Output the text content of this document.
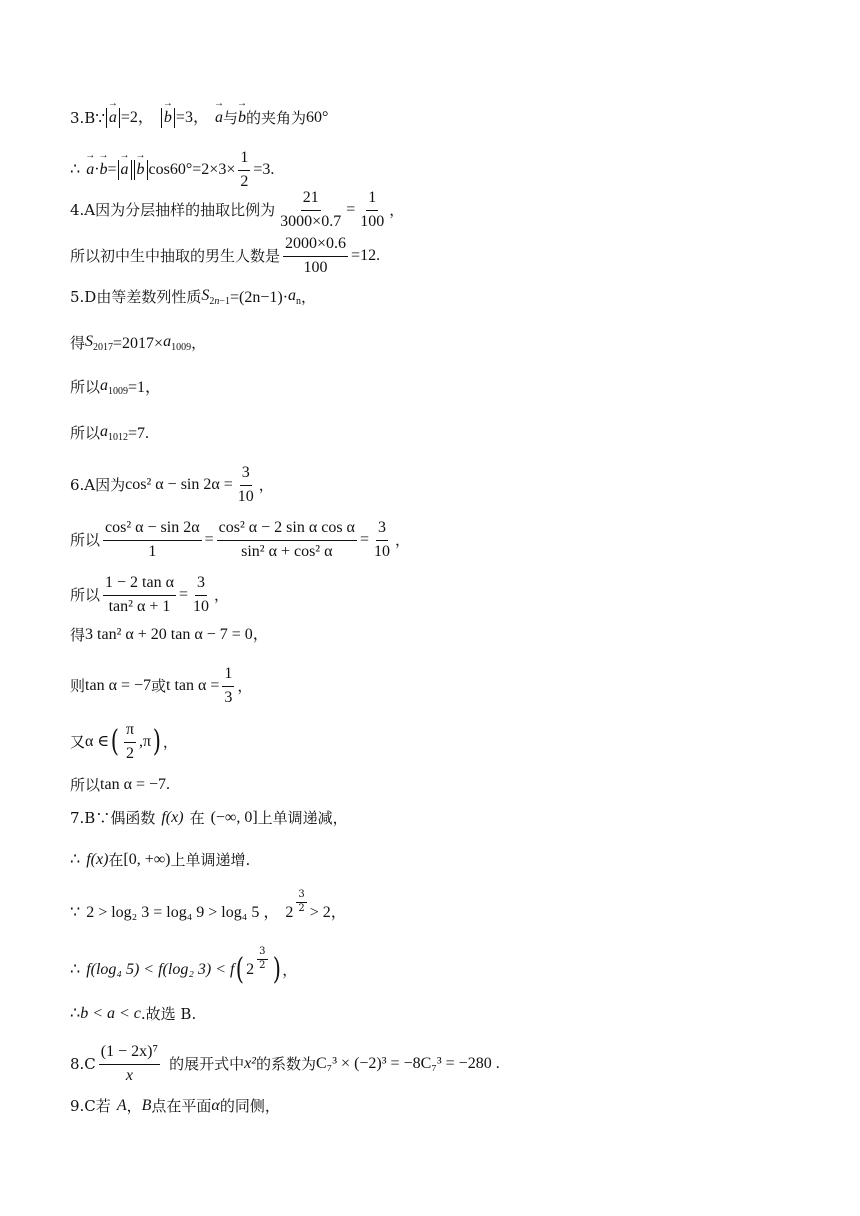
3.B ∵ → a =2， → b =3， → a 与 → b 的夹角为 60°
∴ → a · → b = → a → b $\cos 60^\circ=2\times 3\times \frac{1}{2} =3$.
4.A 因为分层抽样的抽取比例为 $\frac{21}{3000\times 0.7} = \frac{1}{100}$ ，
所以初中生中抽取的男生人数是 $\frac{2000\times 0.6}{100} =12$.
5.D 由等差数列性质 $S_{2n-1} =(2n-1)\cdot a_n$ ，
得 $S_{2017} =2017\times a_{1009}$ ，
所以 $a_{1009} =1$，
所以 $a_{1012} =7$.
6.A 因为 cos² $\alpha - \sin 2\alpha = \frac{3}{10}$ ，
所以 $\frac{\text{cos² α − sin 2α}}{1} = \frac{\text{cos² α − 2 sin α cos α}}{\text{sin² α + cos² α}} = \frac{3}{10}$ ，
所以 $\frac{\text{1 − 2 tan α}}{\text{tan² α + 1}} = \frac{3}{10}$ ，
得 3 tan² α + 20 tan α − 7 = 0，
则 tan α = −7 或 t $\tan \alpha = \frac{1}{3}$ ，
又 α ∈ ( $\frac{\pi}{2} ,\pi$ ) ，
所以 tan α = −7.
7.B ∵偶函数 f(x) 在 (−∞, 0] 上单调递减，
∴ f(x) 在 [0, +∞) 上单调递增.
∵ 2 > log₂ 3 = log₄ 9 > log₄ 5 ， $2 \frac{3}{2} > 2$，
∴ f(log₄ 5) < f(log₂ 3) < f ( $2 \frac{3}{2}$ ) ，
∴ b < a < c .故选 B.
$8.C \frac{\text{(1 − 2x)⁷}}{x}$ 的展开式中 x² 的系数为 C₇³ × (−2)³ = −8C₇³ = −280 .
9.C 若 A ， B 点在平面 α 的同侧，
